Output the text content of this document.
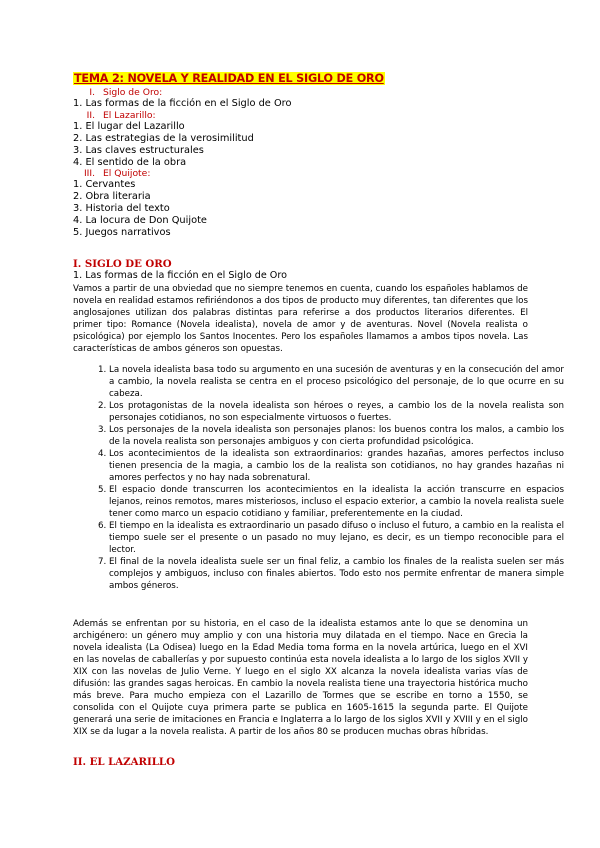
TEMA 2: NOVELA Y REALIDAD EN EL SIGLO DE ORO
I. Siglo de Oro:
1. Las formas de la ficción en el Siglo de Oro
II. El Lazarillo:
1. El lugar del Lazarillo
2. Las estrategias de la verosimilitud
3. Las claves estructurales
4. El sentido de la obra
III. El Quijote:
1. Cervantes
2. Obra literaria
3. Historia del texto
4. La locura de Don Quijote
5. Juegos narrativos
I. SIGLO DE ORO
1. Las formas de la ficción en el Siglo de Oro

Vamos a partir de una obviedad que no siempre tenemos en cuenta, cuando los españoles hablamos de novela en realidad estamos refiriéndonos a dos tipos de producto muy diferentes, tan diferentes que los anglosajones utilizan dos palabras distintas para referirse a dos productos literarios diferentes. El primer tipo: Romance (Novela idealista), novela de amor y de aventuras. Novel (Novela realista o psicológica) por ejemplo los Santos Inocentes. Pero los españoles llamamos a ambos tipos novela. Las características de ambos géneros son opuestas.

1. La novela idealista basa todo su argumento en una sucesión de aventuras y en la consecución del amor a cambio, la novela realista se centra en el proceso psicológico del personaje, de lo que ocurre en su cabeza.
2. Los protagonistas de la novela idealista son héroes o reyes, a cambio los de la novela realista son personajes cotidianos, no son especialmente virtuosos o fuertes.
3. Los personajes de la novela idealista son personajes planos: los buenos contra los malos, a cambio los de la novela realista son personajes ambiguos y con cierta profundidad psicológica.
4. Los acontecimientos de la idealista son extraordinarios: grandes hazañas, amores perfectos incluso tienen presencia de la magia, a cambio los de la realista son cotidianos, no hay grandes hazañas ni amores perfectos y no hay nada sobrenatural.
5. El espacio donde transcurren los acontecimientos en la idealista la acción transcurre en espacios lejanos, reinos remotos, mares misteriosos, incluso el espacio exterior, a cambio la novela realista suele tener como marco un espacio cotidiano y familiar, preferentemente en la ciudad.
6. El tiempo en la idealista es extraordinario un pasado difuso o incluso el futuro, a cambio en la realista el tiempo suele ser el presente o un pasado no muy lejano, es decir, es un tiempo reconocible para el lector.
7. El final de la novela idealista suele ser un final feliz, a cambio los finales de la realista suelen ser más complejos y ambiguos, incluso con finales abiertos. Todo esto nos permite enfrentar de manera simple ambos géneros.

Además se enfrentan por su historia, en el caso de la idealista estamos ante lo que se denomina un archigénero: un género muy amplio y con una historia muy dilatada en el tiempo. Nace en Grecia la novela idealista (La Odisea) luego en la Edad Media toma forma en la novela artúrica, luego en el XVI en las novelas de caballerías y por supuesto continúa esta novela idealista a lo largo de los siglos XVII y XIX con las novelas de Julio Verne. Y luego en el siglo XX alcanza la novela idealista varias vías de difusión: las grandes sagas heroicas. En cambio la novela realista tiene una trayectoria histórica mucho más breve. Para mucho empieza con el Lazarillo de Tormes que se escribe en torno a 1550, se consolida con el Quijote cuya primera parte se publica en 1605-1615 la segunda parte. El Quijote generará una serie de imitaciones en Francia e Inglaterra a lo largo de los siglos XVII y XVIII y en el siglo XIX se da lugar a la novela realista. A partir de los años 80 se producen muchas obras híbridas.

II. EL LAZARILLO
